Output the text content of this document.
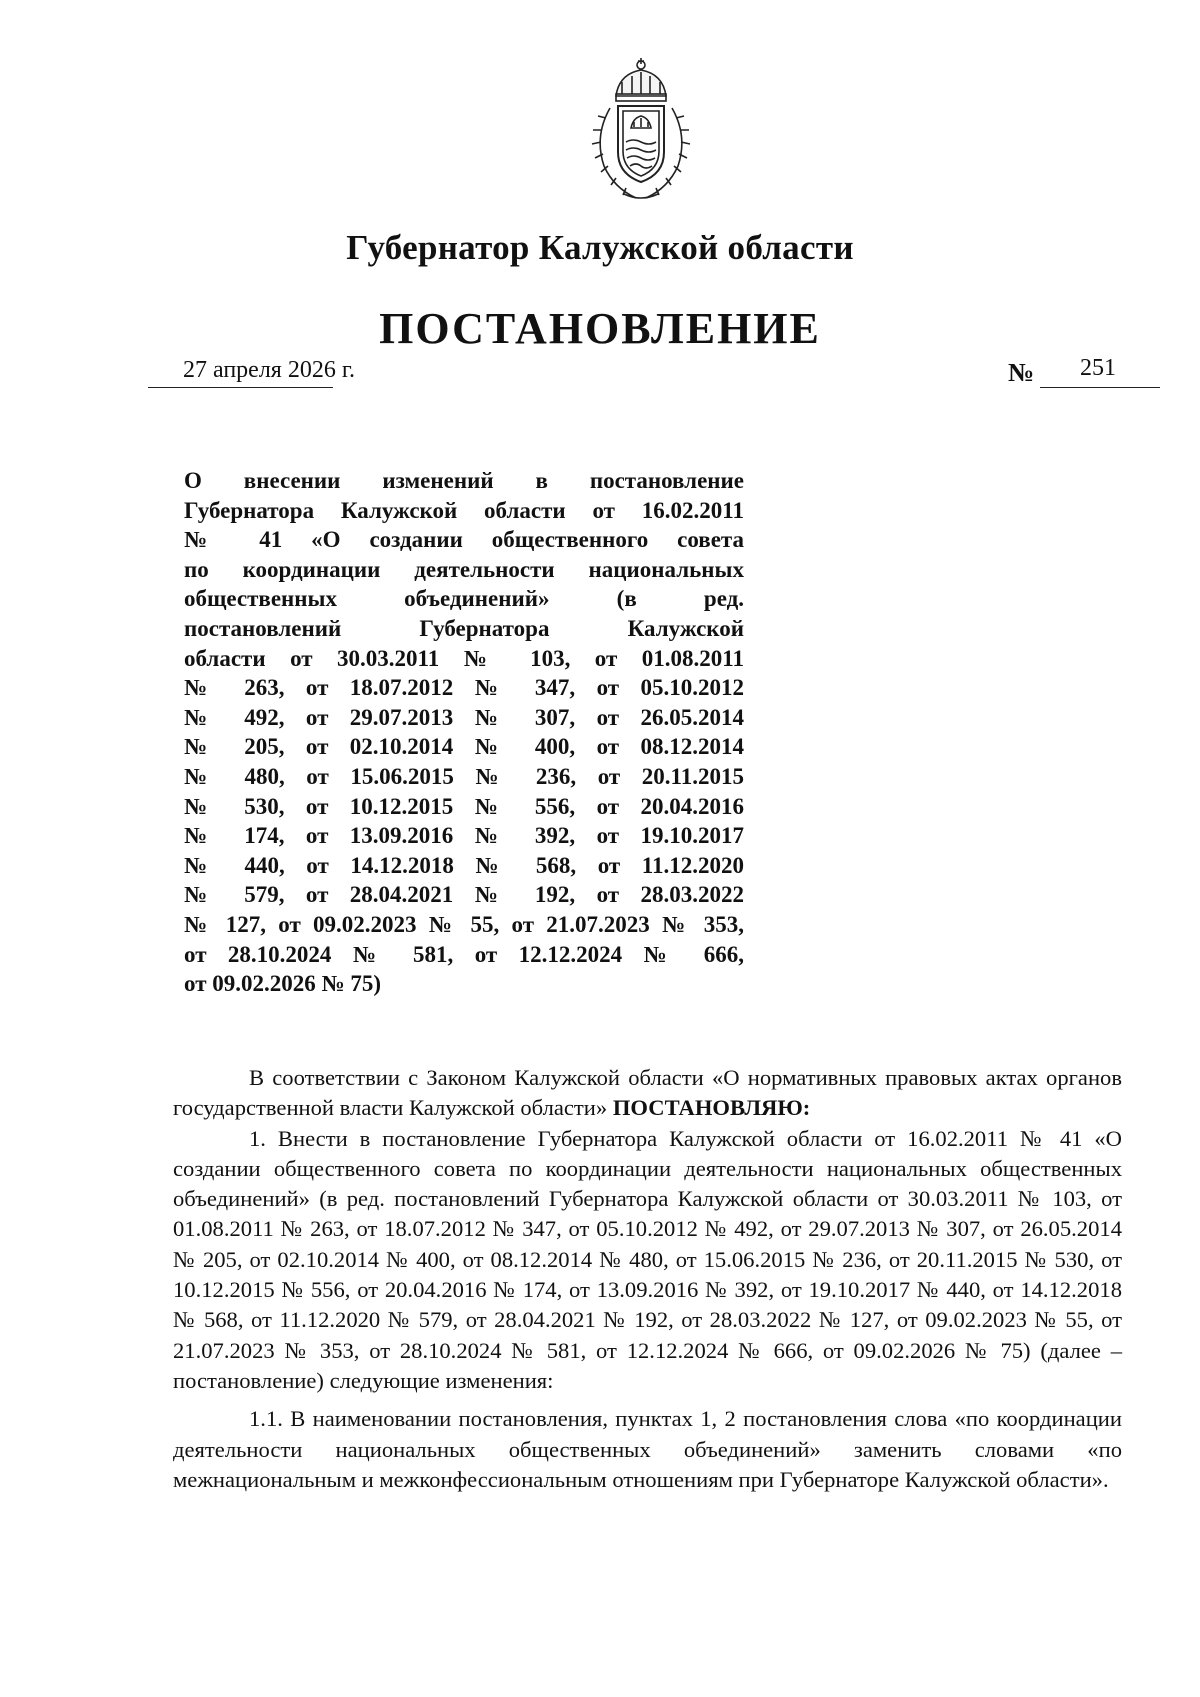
Губернатор Калужской области
ПОСТАНОВЛЕНИЕ
27 апреля 2026 г.	№ 251
О внесении изменений в постановление
Губернатора Калужской области от 16.02.2011
№ 41 «О создании общественного совета
по координации деятельности национальных
общественных объединений» (в ред.
постановлений Губернатора Калужской
области от 30.03.2011 № 103, от 01.08.2011
№ 263, от 18.07.2012 № 347, от 05.10.2012
№ 492, от 29.07.2013 № 307, от 26.05.2014
№ 205, от 02.10.2014 № 400, от 08.12.2014
№ 480, от 15.06.2015 № 236, от 20.11.2015
№ 530, от 10.12.2015 № 556, от 20.04.2016
№ 174, от 13.09.2016 № 392, от 19.10.2017
№ 440, от 14.12.2018 № 568, от 11.12.2020
№ 579, от 28.04.2021 № 192, от 28.03.2022
№ 127, от 09.02.2023 № 55, от 21.07.2023 № 353,
от 28.10.2024 № 581, от 12.12.2024 № 666,
от 09.02.2026 № 75)

В соответствии с Законом Калужской области «О нормативных правовых актах органов государственной власти Калужской области» ПОСТАНОВЛЯЮ:

1. Внести в постановление Губернатора Калужской области от 16.02.2011 № 41 «О создании общественного совета по координации деятельности национальных общественных объединений» (в ред. постановлений Губернатора Калужской области от 30.03.2011 № 103, от 01.08.2011 № 263, от 18.07.2012 № 347, от 05.10.2012 № 492, от 29.07.2013 № 307, от 26.05.2014 № 205, от 02.10.2014 № 400, от 08.12.2014 № 480, от 15.06.2015 № 236, от 20.11.2015 № 530, от 10.12.2015 № 556, от 20.04.2016 № 174, от 13.09.2016 № 392, от 19.10.2017 № 440, от 14.12.2018 № 568, от 11.12.2020 № 579, от 28.04.2021 № 192, от 28.03.2022 № 127, от 09.02.2023 № 55, от 21.07.2023 № 353, от 28.10.2024 № 581, от 12.12.2024 № 666, от 09.02.2026 № 75) (далее – постановление) следующие изменения:

1.1. В наименовании постановления, пунктах 1, 2 постановления слова «по координации деятельности национальных общественных объединений» заменить словами «по межнациональным и межконфессиональным отношениям при Губернаторе Калужской области».
